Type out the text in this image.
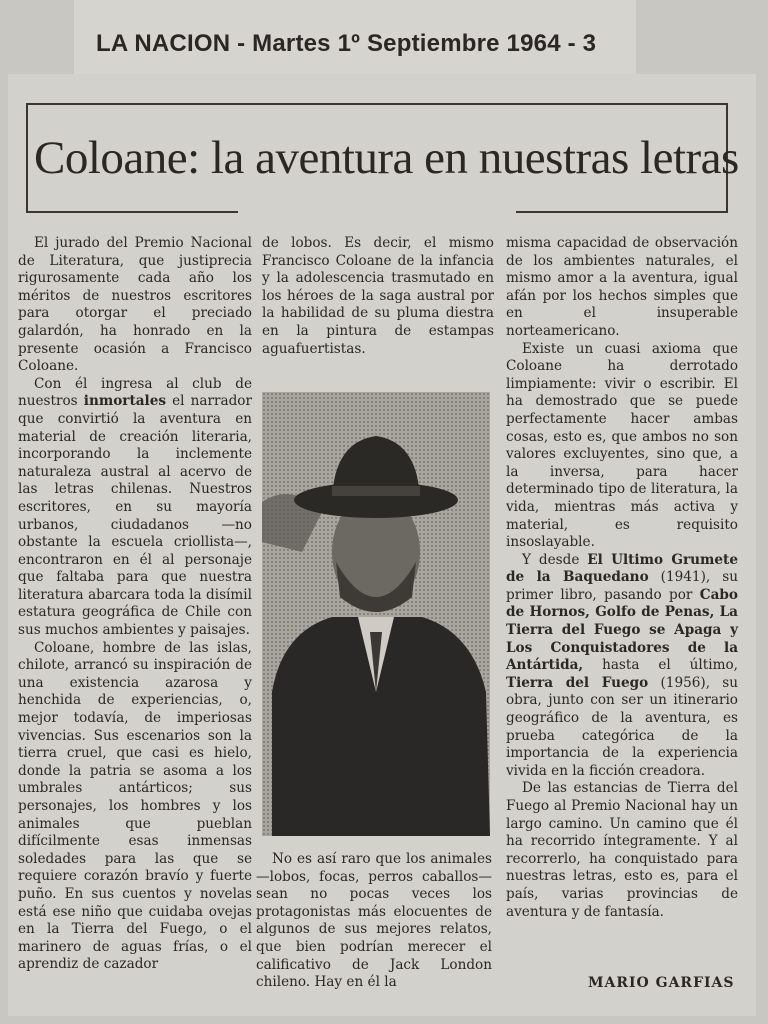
LA NACION - Martes 1º Septiembre 1964 - 3
Coloane: la aventura en nuestras letras

El jurado del Premio Nacional de Literatura, que justiprecia rigurosamente cada año los méritos de nuestros escritores para otorgar el preciado galardón, ha honrado en la presente ocasión a Francisco Coloane.

Con él ingresa al club de nuestros inmortales el narrador que convirtió la aventura en material de creación literaria, incorporando la inclemente naturaleza austral al acervo de las letras chilenas. Nuestros escritores, en su mayoría urbanos, ciudadanos —no obstante la escuela criollista—, encontraron en él al personaje que faltaba para que nuestra literatura abarcara toda la disímil estatura geográfica de Chile con sus muchos ambientes y paisajes.

Coloane, hombre de las islas, chilote, arrancó su inspiración de una existencia azarosa y henchida de experiencias, o, mejor todavía, de imperiosas vivencias. Sus escenarios son la tierra cruel, que casi es hielo, donde la patria se asoma a los umbrales antárticos; sus personajes, los hombres y los animales que pueblan difícilmente esas inmensas soledades para las que se requiere corazón bravío y fuerte puño. En sus cuentos y novelas está ese niño que cuidaba ovejas en la Tierra del Fuego, o el marinero de aguas frías, o el aprendiz de cazador

de lobos. Es decir, el mismo Francisco Coloane de la infancia y la adolescencia trasmutado en los héroes de la saga austral por la habilidad de su pluma diestra en la pintura de estampas aguafuertistas.

No es así raro que los animales —lobos, focas, perros caballos— sean no pocas veces los protagonistas más elocuentes de algunos de sus mejores relatos, que bien podrían merecer el calificativo de Jack London chileno. Hay en él la

misma capacidad de observación de los ambientes naturales, el mismo amor a la aventura, igual afán por los hechos simples que en el insuperable norteamericano.

Existe un cuasi axioma que Coloane ha derrotado limpiamente: vivir o escribir. El ha demostrado que se puede perfectamente hacer ambas cosas, esto es, que ambos no son valores excluyentes, sino que, a la inversa, para hacer determinado tipo de literatura, la vida, mientras más activa y material, es requisito insoslayable.

Y desde El Ultimo Grumete de la Baquedano (1941), su primer libro, pasando por Cabo de Hornos, Golfo de Penas, La Tierra del Fuego se Apaga y Los Conquistadores de la Antártida, hasta el último, Tierra del Fuego (1956), su obra, junto con ser un itinerario geográfico de la aventura, es prueba categórica de la importancia de la experiencia vivida en la ficción creadora.

De las estancias de Tierra del Fuego al Premio Nacional hay un largo camino. Un camino que él ha recorrido íntegramente. Y al recorrerlo, ha conquistado para nuestras letras, esto es, para el país, varias provincias de aventura y de fantasía.

MARIO GARFIAS
